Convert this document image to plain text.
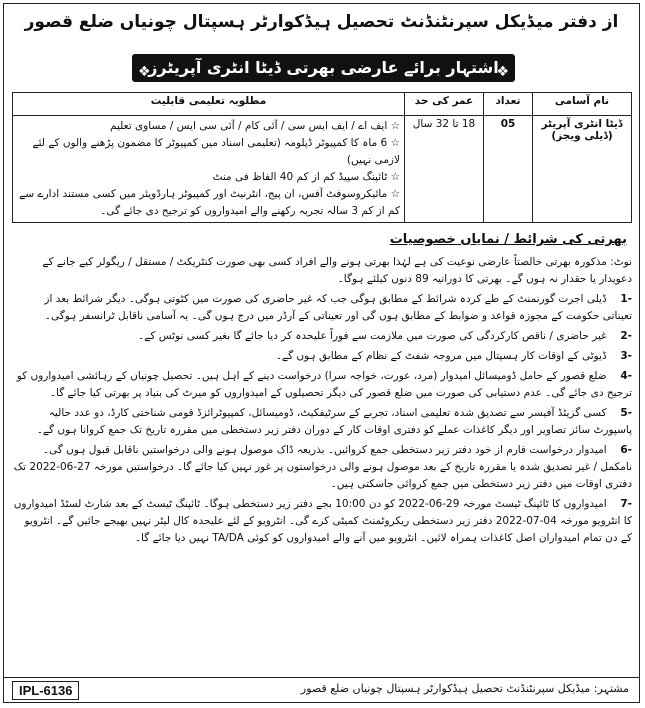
از دفتر میڈیکل سپرنٹنڈنٹ تحصیل ہیڈکوارٹر ہسپتال چونیاں ضلع قصور
❖
اشتہار برائے عارضی بھرتی ڈیٹا انٹری آپریٹرز
❖
نام آسامی	تعداد	عمر کی حد	مطلوبہ تعلیمی قابلیت
ڈیٹا انٹری آپریٹر (ڈیلی ویجز)	05	18 تا 32 سال	☆ ایف اے / ایف ایس سی / آئی کام / آئی سی ایس / مساوی تعلیم

☆ 6 ماہ کا کمپیوٹر ڈپلومہ (تعلیمی اسناد میں کمپیوٹر کا مضمون پڑھنے والوں کے لئے لازمی نہیں)

☆ ٹائپنگ سپیڈ کم از کم 40 الفاظ فی منٹ

☆ مائیکروسوفٹ آفس، ان پیج، انٹرنیٹ اور کمپیوٹر ہارڈویئر میں کسی مستند ادارے سے کم از کم 3 سالہ تجربہ رکھنے والے امیدواروں کو ترجیح دی جائے گی۔

بھرتی کی شرائط / نمایاں خصوصیات

نوٹ: مذکورہ بھرتی خالصتاً عارضی نوعیت کی ہے لہٰذا بھرتی ہونے والے افراد کسی بھی صورت کنٹریکٹ / مستقل / ریگولر کیے جانے کے دعویدار یا حقدار نہ ہوں گے۔ بھرتی کا دورانیہ 89 دنوں کیلئے ہوگا۔

-1 ڈیلی اجرت گورنمنٹ کے طے کردہ شرائط کے مطابق ہوگی جب کہ غیر حاضری کی صورت میں کٹوتی ہوگی۔ دیگر شرائط بعد از تعیناتی حکومت کے مجوزہ قواعد و ضوابط کے مطابق ہوں گی اور تعیناتی کے آرڈر میں درج ہوں گی۔ یہ آسامی ناقابل ٹرانسفر ہوگی۔

-2 غیر حاضری / ناقص کارکردگی کی صورت میں ملازمت سے فوراً علیحدہ کر دیا جائے گا بغیر کسی نوٹس کے۔

-3 ڈیوٹی کے اوقات کار ہسپتال میں مروجہ شفٹ کے نظام کے مطابق ہوں گے۔

-4 ضلع قصور کے حامل ڈومیسائل امیدوار (مرد، عورت، خواجہ سرا) درخواست دینے کے اہل ہیں۔ تحصیل چونیاں کے رہائشی امیدواروں کو ترجیح دی جائے گی۔ عدم دستیابی کی صورت میں ضلع قصور کی دیگر تحصیلوں کے امیدواروں کو میرٹ کی بنیاد پر بھرتی کیا جائے گا۔

-5 کسی گزیٹڈ آفیسر سے تصدیق شدہ تعلیمی اسناد، تجربے کے سرٹیفکیٹ، ڈومیسائل، کمپیوٹرائزڈ قومی شناختی کارڈ، دو عدد حالیہ پاسپورٹ سائز تصاویر اور دیگر کاغذات عملے کو دفتری اوقات کار کے دوران دفتر زیر دستخطی میں مقررہ تاریخ تک جمع کروانا ہوں گے۔

-6 امیدوار درخواست فارم از خود دفتر زیر دستخطی جمع کروائیں۔ بذریعہ ڈاک موصول ہونے والی درخواستیں ناقابل قبول ہوں گی۔ نامکمل / غیر تصدیق شدہ یا مقررہ تاریخ کے بعد موصول ہونے والی درخواستوں پر غور نہیں کیا جائے گا۔ درخواستیں مورخہ 27-06-2022 تک دفتری اوقات میں دفتر زیر دستخطی میں جمع کروائی جاسکتی ہیں۔

-7 امیدواروں کا ٹائپنگ ٹیسٹ مورخہ 29-06-2022 کو دن 10:00 بجے دفتر زیر دستخطی ہوگا۔ ٹائپنگ ٹیسٹ کے بعد شارٹ لسٹڈ امیدواروں کا انٹرویو مورخہ 04-07-2022 دفتر زیر دستخطی ریکروٹمنٹ کمیٹی کرے گی۔ انٹرویو کے لئے علیحدہ کال لیٹر نہیں بھیجے جائیں گے۔ انٹرویو کے دن تمام امیدواران اصل کاغذات ہمراہ لائیں۔ انٹرویو میں آنے والے امیدواروں کو کوئی TA/DA نہیں دیا جائے گا۔

IPL-6136	مشتہر: میڈیکل سپرنٹنڈنٹ تحصیل ہیڈکوارٹر ہسپتال چونیاں ضلع قصور
